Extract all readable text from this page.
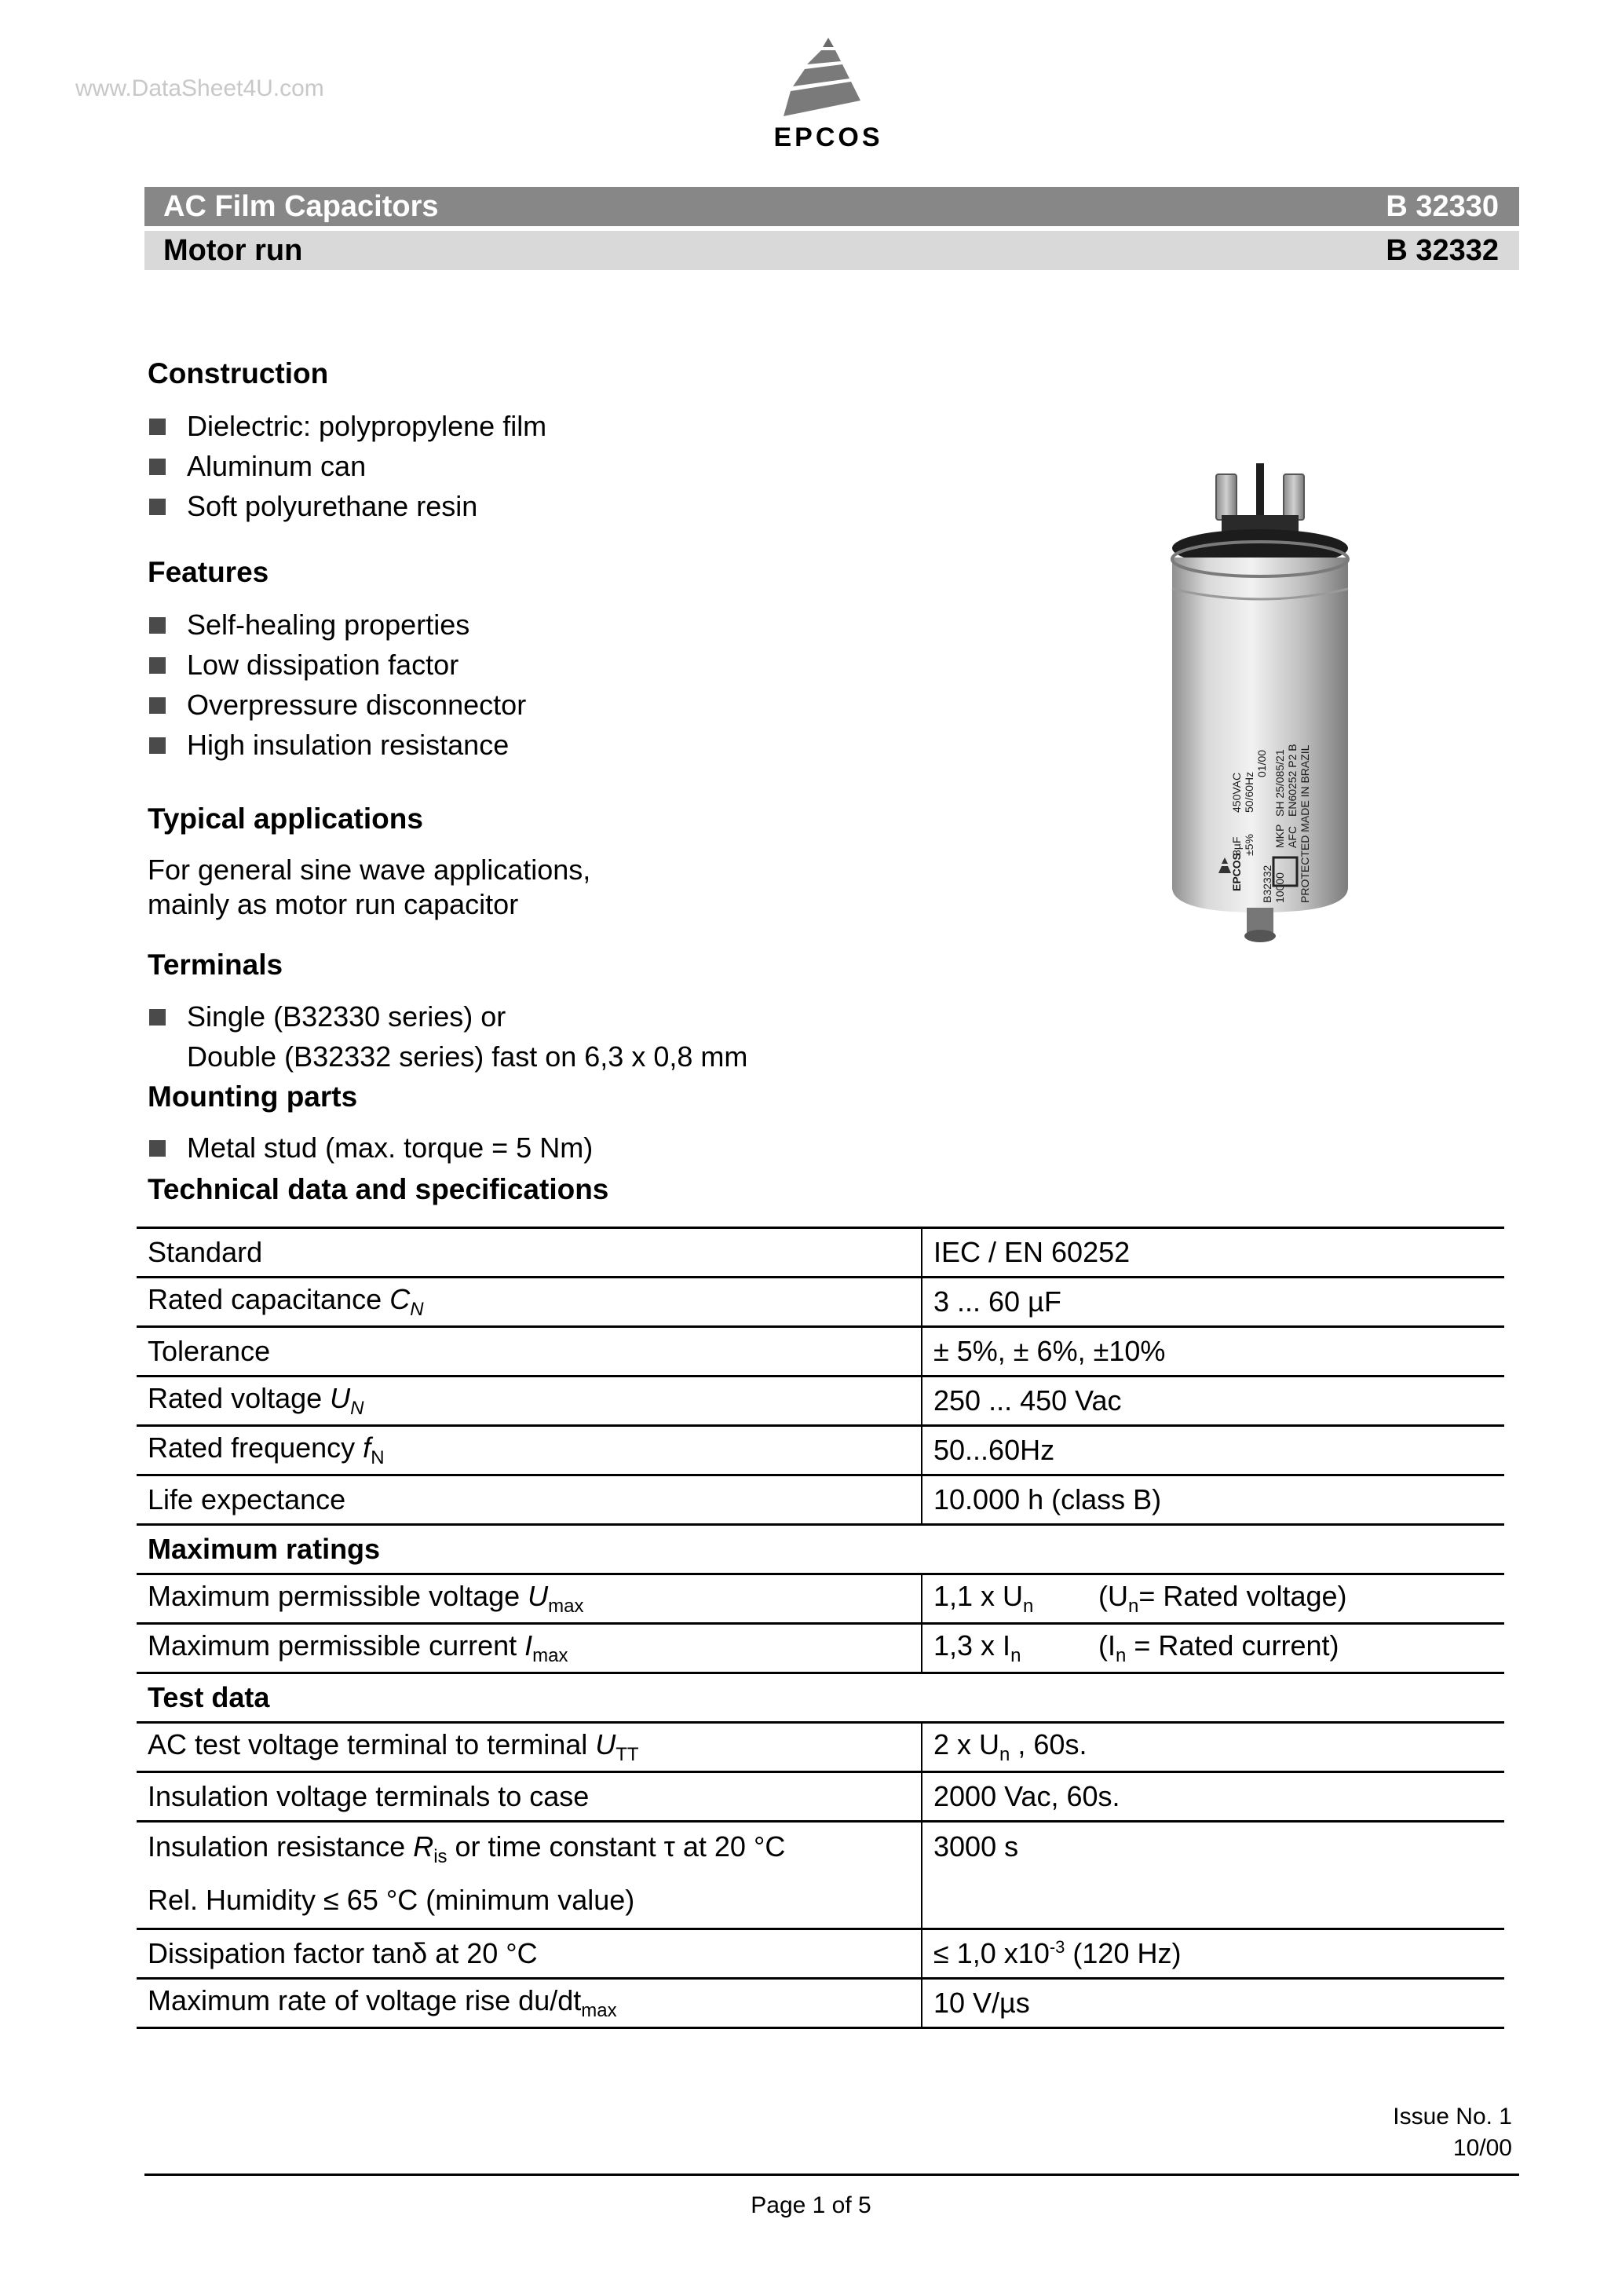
www.DataSheet4U.com
EPCOS
AC Film Capacitors	B 32330
Motor run	B 32332
Construction
Dielectric: polypropylene film
Aluminum can
Soft polyurethane resin
Features
Self-healing properties
Low dissipation factor
Overpressure disconnector
High insulation resistance
Typical applications
For general sine wave applications,
mainly as motor run capacitor
Terminals
Single (B32330 series) or
Double (B32332 series) fast on 6,3 x 0,8 mm
Mounting parts
Metal stud (max. torque = 5 Nm)
8µF ±5%
450VAC 50/60Hz
01/00
MKP
SH 25/085/21
AFC
EN60252 P2 B
B32332 10000 PROTECTED MADE IN BRAZIL
EPCOS
Technical data and specifications
Standard	IEC / EN 60252
Rated capacitance $C_N$	3 ... 60 µF
Tolerance	± 5%, ± 6%, ±10%
Rated voltage $U_N$	250 ... 450 Vac
Rated frequency $f_N$	50...60Hz
Life expectance	10.000 h (class B)
Maximum ratings	
Maximum permissible voltage $U_{max}$	1,1 x $U_n$ ($U_n=$ Rated voltage)
Maximum permissible current $I_{max}$	1,3 x $I_n$ ($I_n$ = Rated current)
Test data	
AC test voltage terminal to terminal $U_{TT}$	2 x $U_n$ , 60s.
Insulation voltage terminals to case	2000 Vac, 60s.
Insulation resistance $R_{is}$ or time constant τ at 20 °C
Rel. Humidity ≤ 65 °C (minimum value)	3000 s
Dissipation factor tanδ at 20 °C	≤ 1,0 $x10^{-3}$ (120 Hz)
Maximum rate of voltage rise $du/dt_{max}$	10 V/µs
Issue No. 1
10/00
Page 1 of 5
